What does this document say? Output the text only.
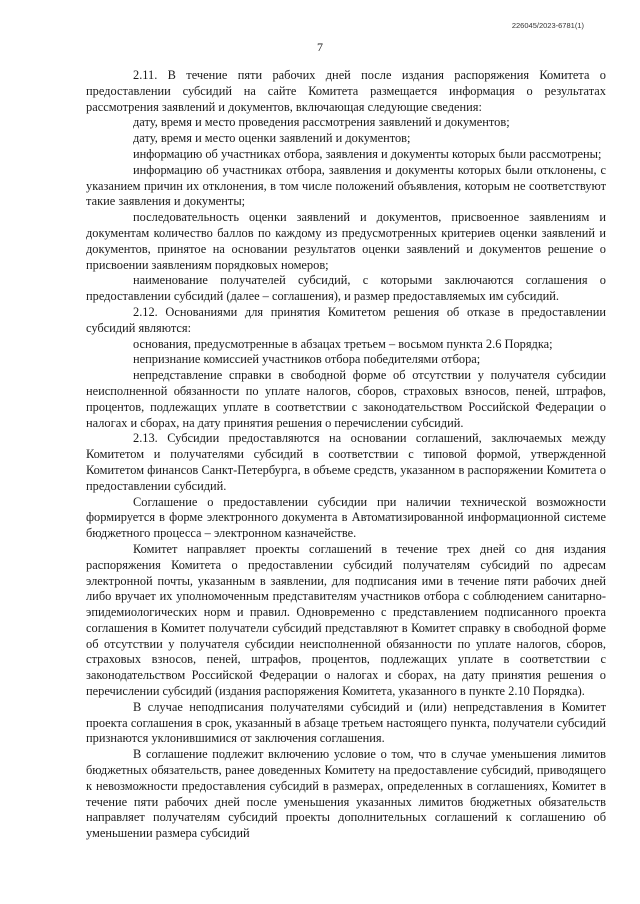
226045/2023-6781(1)
7

2.11. В течение пяти рабочих дней после издания распоряжения Комитета о предоставлении субсидий на сайте Комитета размещается информация о результатах рассмотрения заявлений и документов, включающая следующие сведения:

дату, время и место проведения рассмотрения заявлений и документов;

дату, время и место оценки заявлений и документов;

информацию об участниках отбора, заявления и документы которых были рассмотрены;

информацию об участниках отбора, заявления и документы которых были отклонены, с указанием причин их отклонения, в том числе положений объявления, которым не соответствуют такие заявления и документы;

последовательность оценки заявлений и документов, присвоенное заявлениям и документам количество баллов по каждому из предусмотренных критериев оценки заявлений и документов, принятое на основании результатов оценки заявлений и документов решение о присвоении заявлениям порядковых номеров;

наименование получателей субсидий, с которыми заключаются соглашения о предоставлении субсидий (далее – соглашения), и размер предоставляемых им субсидий.

2.12. Основаниями для принятия Комитетом решения об отказе в предоставлении субсидий являются:

основания, предусмотренные в абзацах третьем – восьмом пункта 2.6 Порядка;

непризнание комиссией участников отбора победителями отбора;

непредставление справки в свободной форме об отсутствии у получателя субсидии неисполненной обязанности по уплате налогов, сборов, страховых взносов, пеней, штрафов, процентов, подлежащих уплате в соответствии с законодательством Российской Федерации о налогах и сборах, на дату принятия решения о перечислении субсидий.

2.13. Субсидии предоставляются на основании соглашений, заключаемых между Комитетом и получателями субсидий в соответствии с типовой формой, утвержденной Комитетом финансов Санкт-Петербурга, в объеме средств, указанном в распоряжении Комитета о предоставлении субсидий.

Соглашение о предоставлении субсидии при наличии технической возможности формируется в форме электронного документа в Автоматизированной информационной системе бюджетного процесса – электронном казначействе.

Комитет направляет проекты соглашений в течение трех дней со дня издания распоряжения Комитета о предоставлении субсидий получателям субсидий по адресам электронной почты, указанным в заявлении, для подписания ими в течение пяти рабочих дней либо вручает их уполномоченным представителям участников отбора с соблюдением санитарно-эпидемиологических норм и правил. Одновременно с представлением подписанного проекта соглашения в Комитет получатели субсидий представляют в Комитет справку в свободной форме об отсутствии у получателя субсидии неисполненной обязанности по уплате налогов, сборов, страховых взносов, пеней, штрафов, процентов, подлежащих уплате в соответствии с законодательством Российской Федерации о налогах и сборах, на дату принятия решения о перечислении субсидий (издания распоряжения Комитета, указанного в пункте 2.10 Порядка).

В случае неподписания получателями субсидий и (или) непредставления в Комитет проекта соглашения в срок, указанный в абзаце третьем настоящего пункта, получатели субсидий признаются уклонившимися от заключения соглашения.

В соглашение подлежит включению условие о том, что в случае уменьшения лимитов бюджетных обязательств, ранее доведенных Комитету на предоставление субсидий, приводящего к невозможности предоставления субсидий в размерах, определенных в соглашениях, Комитет в течение пяти рабочих дней после уменьшения указанных лимитов бюджетных обязательств направляет получателям субсидий проекты дополнительных соглашений к соглашению об уменьшении размера субсидий
